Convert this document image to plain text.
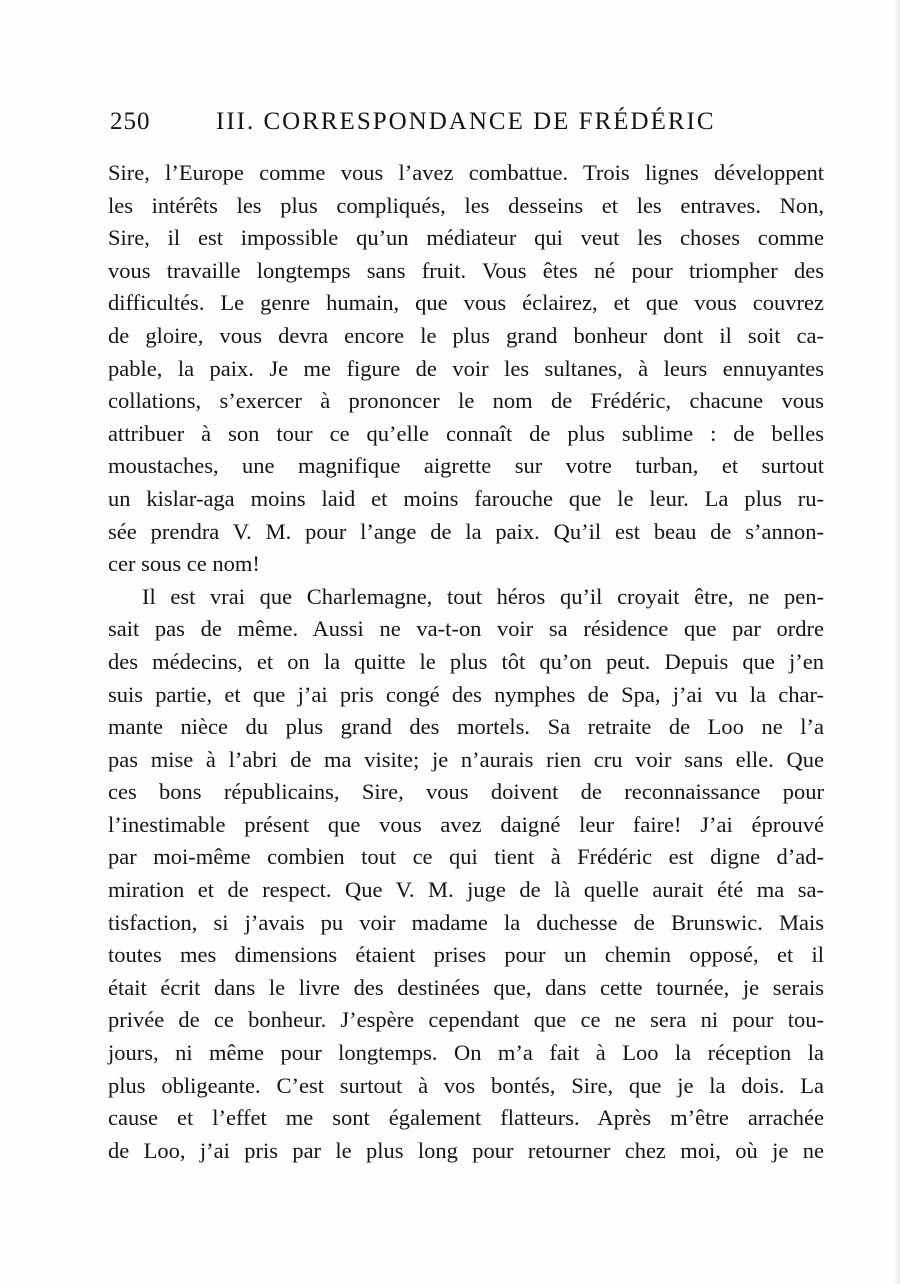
250	III. CORRESPONDANCE DE FRÉDÉRIC
Sire, l’Europe comme vous l’avez combattue. Trois lignes développent
les intérêts les plus compliqués, les desseins et les entraves. Non,
Sire, il est impossible qu’un médiateur qui veut les choses comme
vous travaille longtemps sans fruit. Vous êtes né pour triompher des
difficultés. Le genre humain, que vous éclairez, et que vous couvrez
de gloire, vous devra encore le plus grand bonheur dont il soit ca-
pable, la paix. Je me figure de voir les sultanes, à leurs ennuyantes
collations, s’exercer à prononcer le nom de Frédéric, chacune vous
attribuer à son tour ce qu’elle connaît de plus sublime : de belles
moustaches, une magnifique aigrette sur votre turban, et surtout
un kislar-aga moins laid et moins farouche que le leur. La plus ru-
sée prendra V. M. pour l’ange de la paix. Qu’il est beau de s’annon-
cer sous ce nom!
Il est vrai que Charlemagne, tout héros qu’il croyait être, ne pen-
sait pas de même. Aussi ne va-t-on voir sa résidence que par ordre
des médecins, et on la quitte le plus tôt qu’on peut. Depuis que j’en
suis partie, et que j’ai pris congé des nymphes de Spa, j’ai vu la char-
mante nièce du plus grand des mortels. Sa retraite de Loo ne l’a
pas mise à l’abri de ma visite; je n’aurais rien cru voir sans elle. Que
ces bons républicains, Sire, vous doivent de reconnaissance pour
l’inestimable présent que vous avez daigné leur faire! J’ai éprouvé
par moi-même combien tout ce qui tient à Frédéric est digne d’ad-
miration et de respect. Que V. M. juge de là quelle aurait été ma sa-
tisfaction, si j’avais pu voir madame la duchesse de Brunswic. Mais
toutes mes dimensions étaient prises pour un chemin opposé, et il
était écrit dans le livre des destinées que, dans cette tournée, je serais
privée de ce bonheur. J’espère cependant que ce ne sera ni pour tou-
jours, ni même pour longtemps. On m’a fait à Loo la réception la
plus obligeante. C’est surtout à vos bontés, Sire, que je la dois. La
cause et l’effet me sont également flatteurs. Après m’être arrachée
de Loo, j’ai pris par le plus long pour retourner chez moi, où je ne
